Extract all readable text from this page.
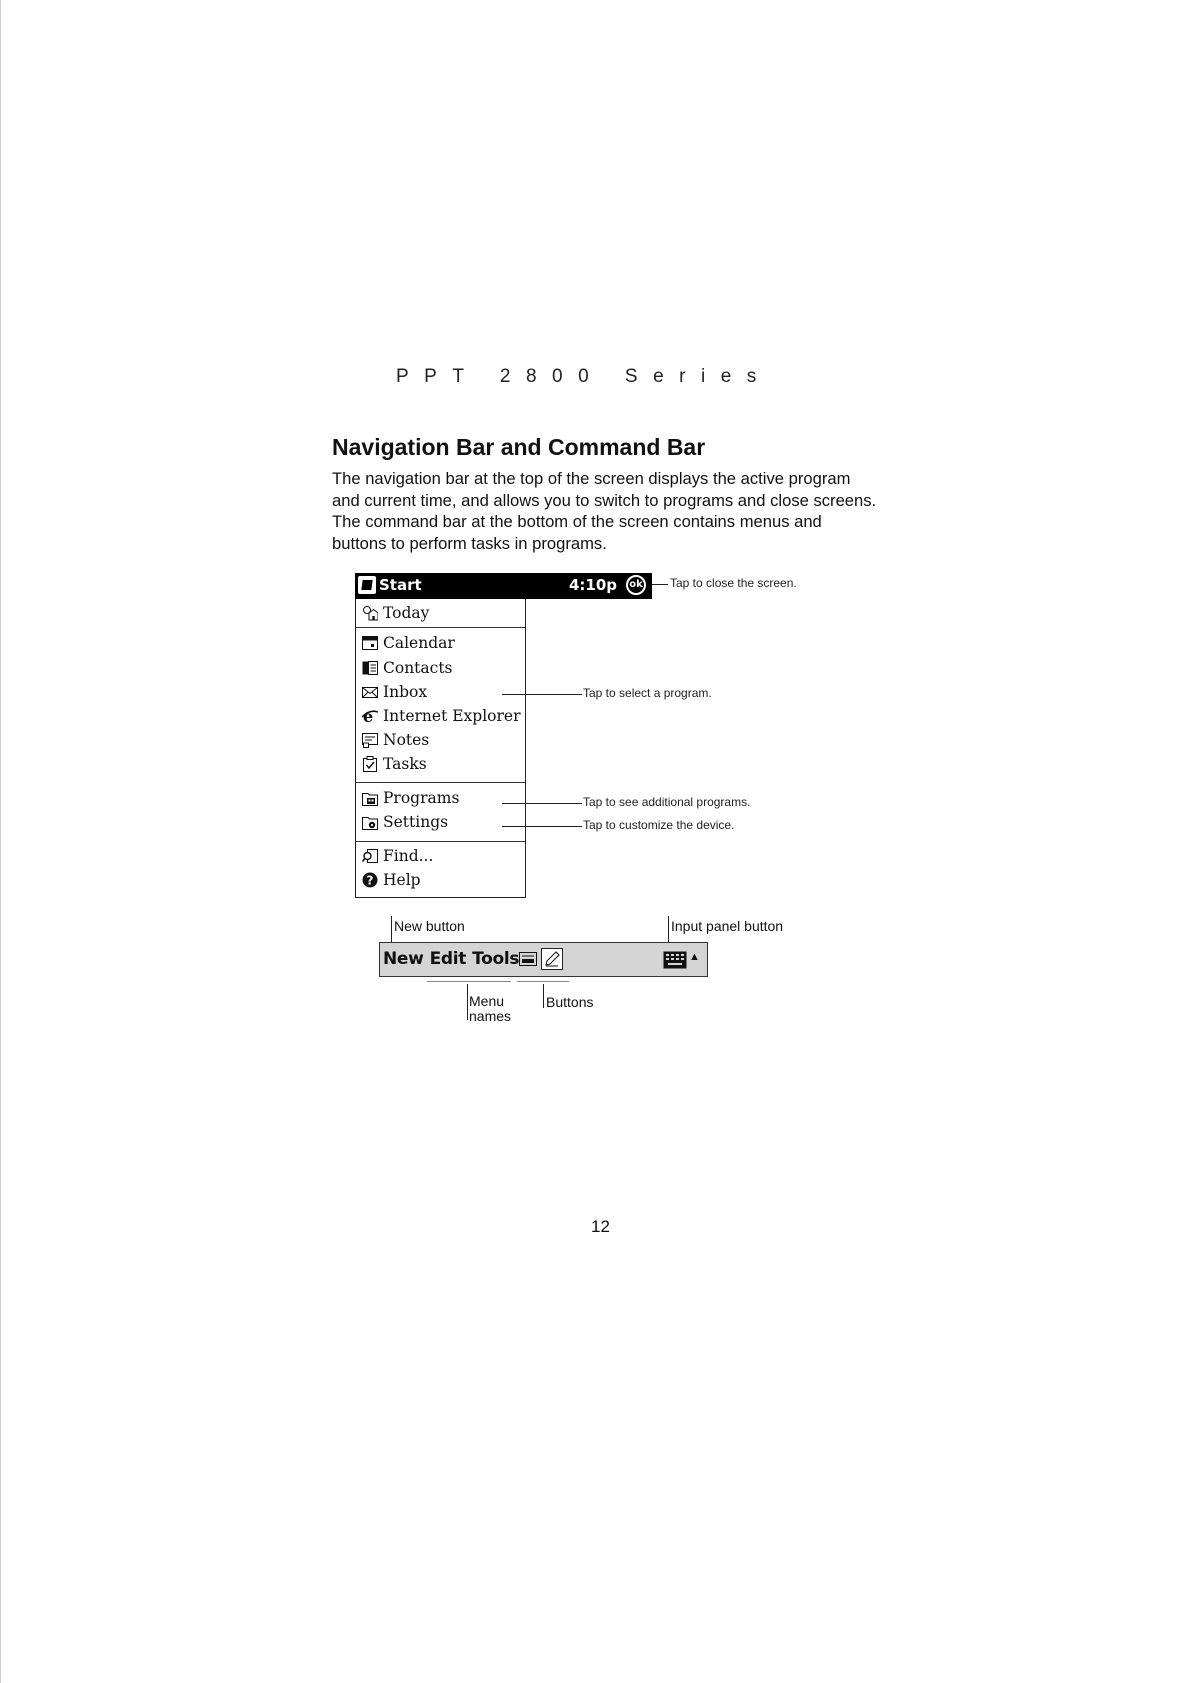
PPT 2800 Series

Navigation Bar and Command Bar

The navigation bar at the top of the screen displays the active program and current time, and allows you to switch to programs and close screens. The command bar at the bottom of the screen contains menus and buttons to perform tasks in programs.

Start	4:10p	ok
Today
Calendar
Contacts
Inbox
e Internet Explorer
Notes
Tasks
Programs
Settings
Find...
? Help

Tap to close the screen.

Tap to select a program.

Tap to see additional programs.

Tap to customize the device.

New button	Input panel button

New Edit Tools	▲

Menu names

Buttons

12
